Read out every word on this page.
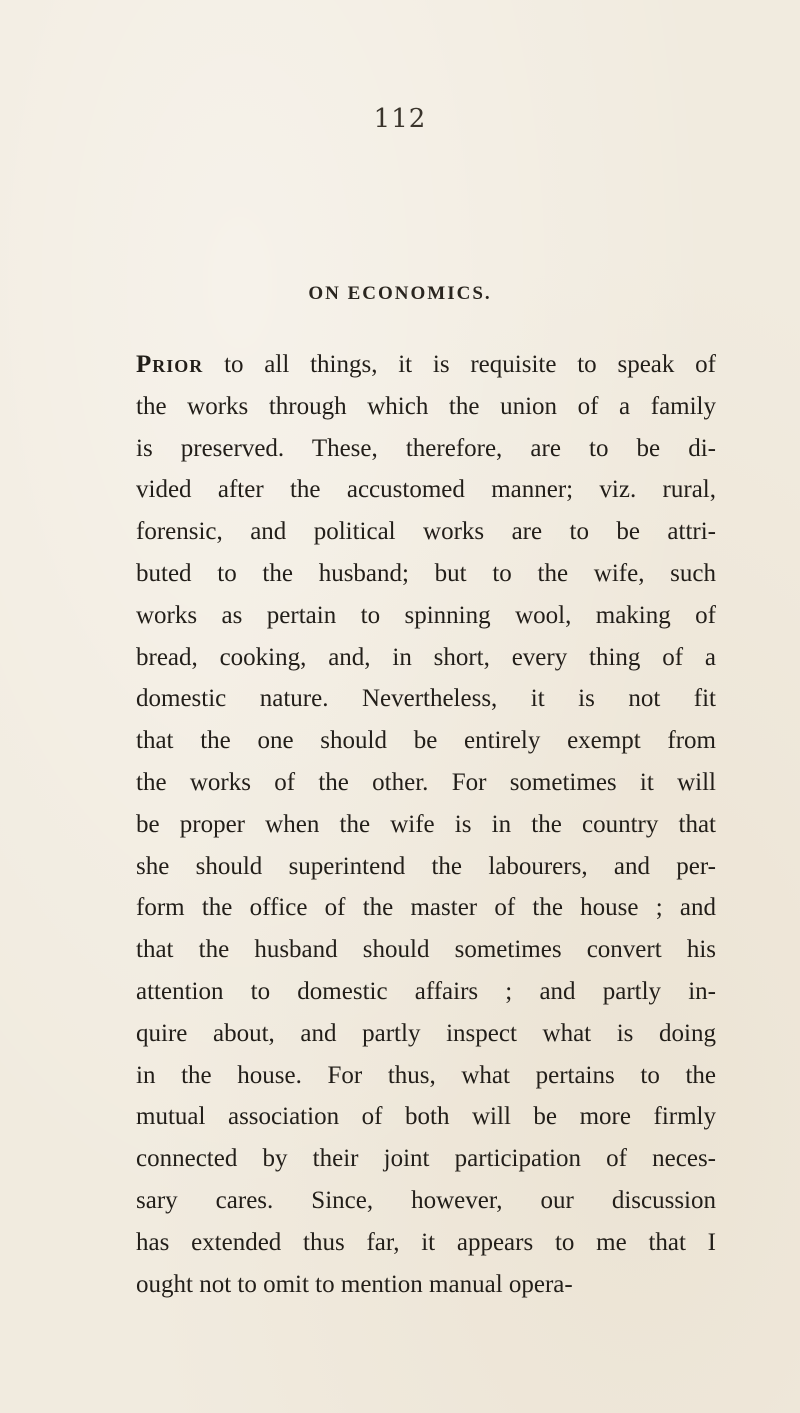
112
ON ECONOMICS.
Prior to all things, it is requisite to speak of
the works through which the union of a family
is preserved. These, therefore, are to be di-
vided after the accustomed manner; viz. rural,
forensic, and political works are to be attri-
buted to the husband; but to the wife, such
works as pertain to spinning wool, making of
bread, cooking, and, in short, every thing of a
domestic nature. Nevertheless, it is not fit
that the one should be entirely exempt from
the works of the other. For sometimes it will
be proper when the wife is in the country that
she should superintend the labourers, and per-
form the office of the master of the house ; and
that the husband should sometimes convert his
attention to domestic affairs ; and partly in-
quire about, and partly inspect what is doing
in the house. For thus, what pertains to the
mutual association of both will be more firmly
connected by their joint participation of neces-
sary cares. Since, however, our discussion
has extended thus far, it appears to me that I
ought not to omit to mention manual opera-
